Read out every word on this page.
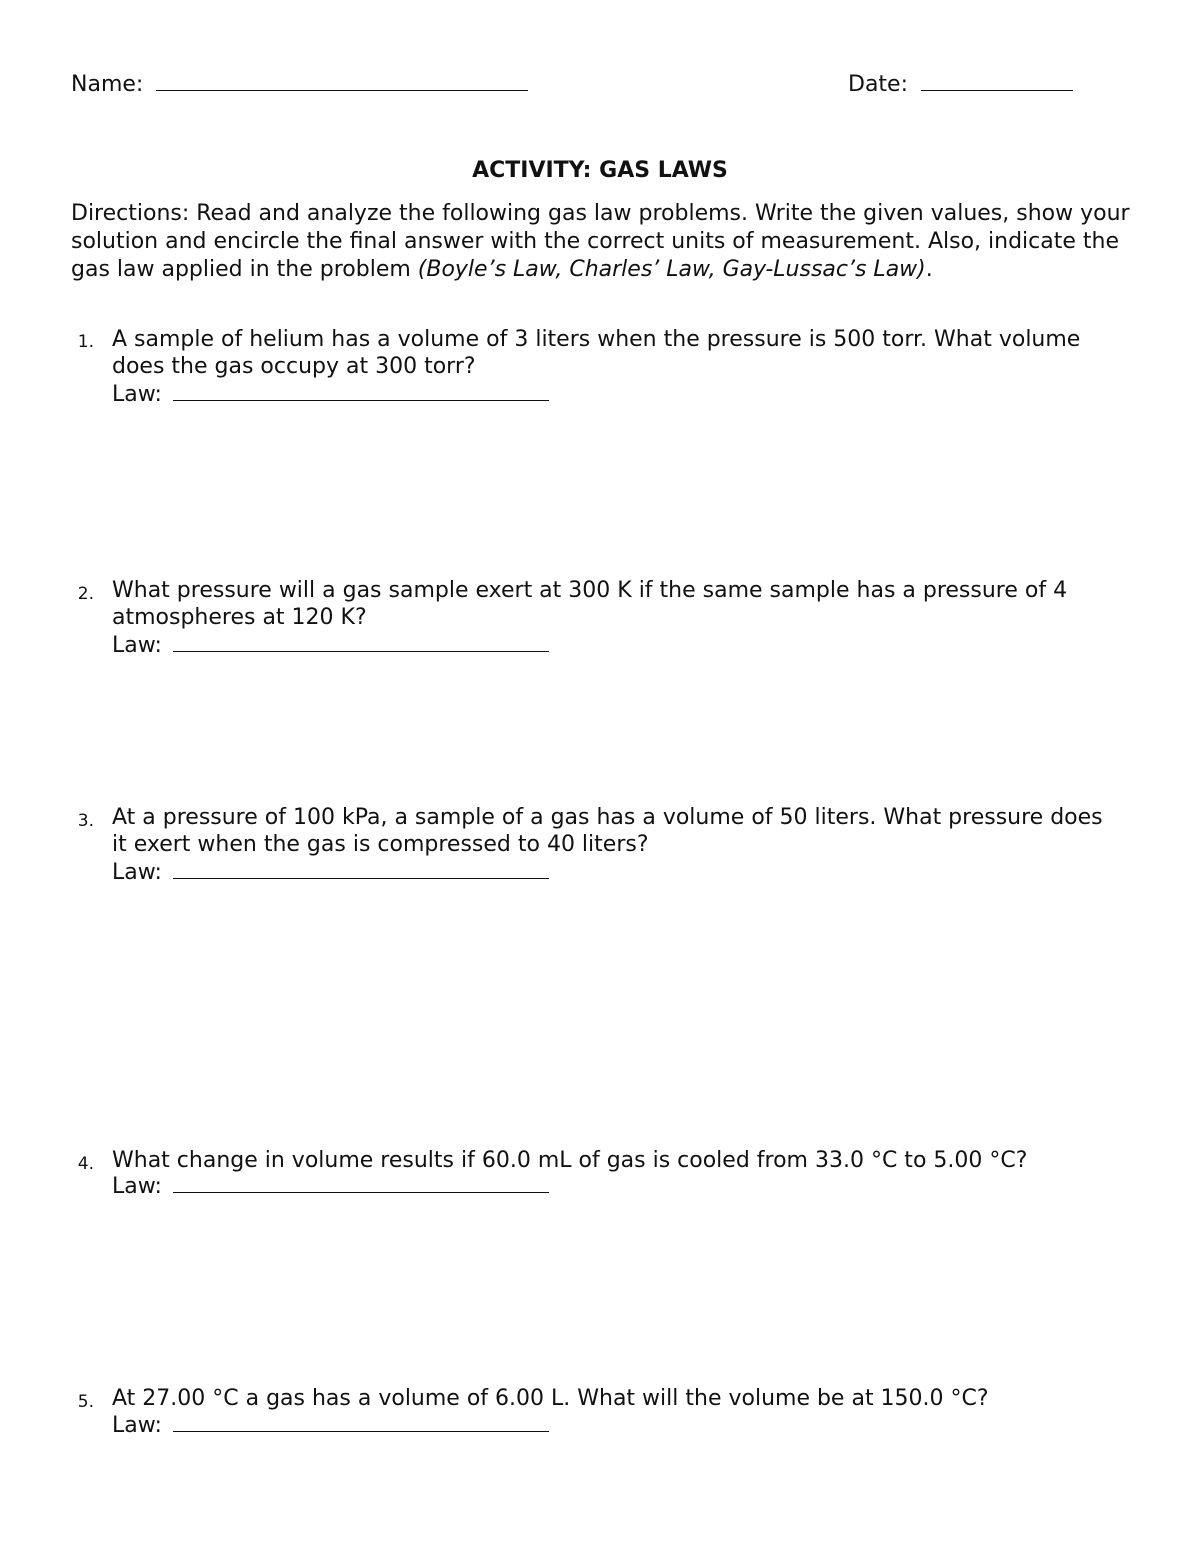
Name:	Date:
ACTIVITY: GAS LAWS
Directions: Read and analyze the following gas law problems. Write the given values, show your solution and encircle the final answer with the correct units of measurement. Also, indicate the gas law applied in the problem (Boyle’s Law, Charles’ Law, Gay-Lussac’s Law).
1. A sample of helium has a volume of 3 liters when the pressure is 500 torr. What volume does the gas occupy at 300 torr?
Law:
2. What pressure will a gas sample exert at 300 K if the same sample has a pressure of 4 atmospheres at 120 K?
Law:
3. At a pressure of 100 kPa, a sample of a gas has a volume of 50 liters. What pressure does it exert when the gas is compressed to 40 liters?
Law:
4. What change in volume results if 60.0 mL of gas is cooled from 33.0 °C to 5.00 °C?
Law:
5. At 27.00 °C a gas has a volume of 6.00 L. What will the volume be at 150.0 °C?
Law:
